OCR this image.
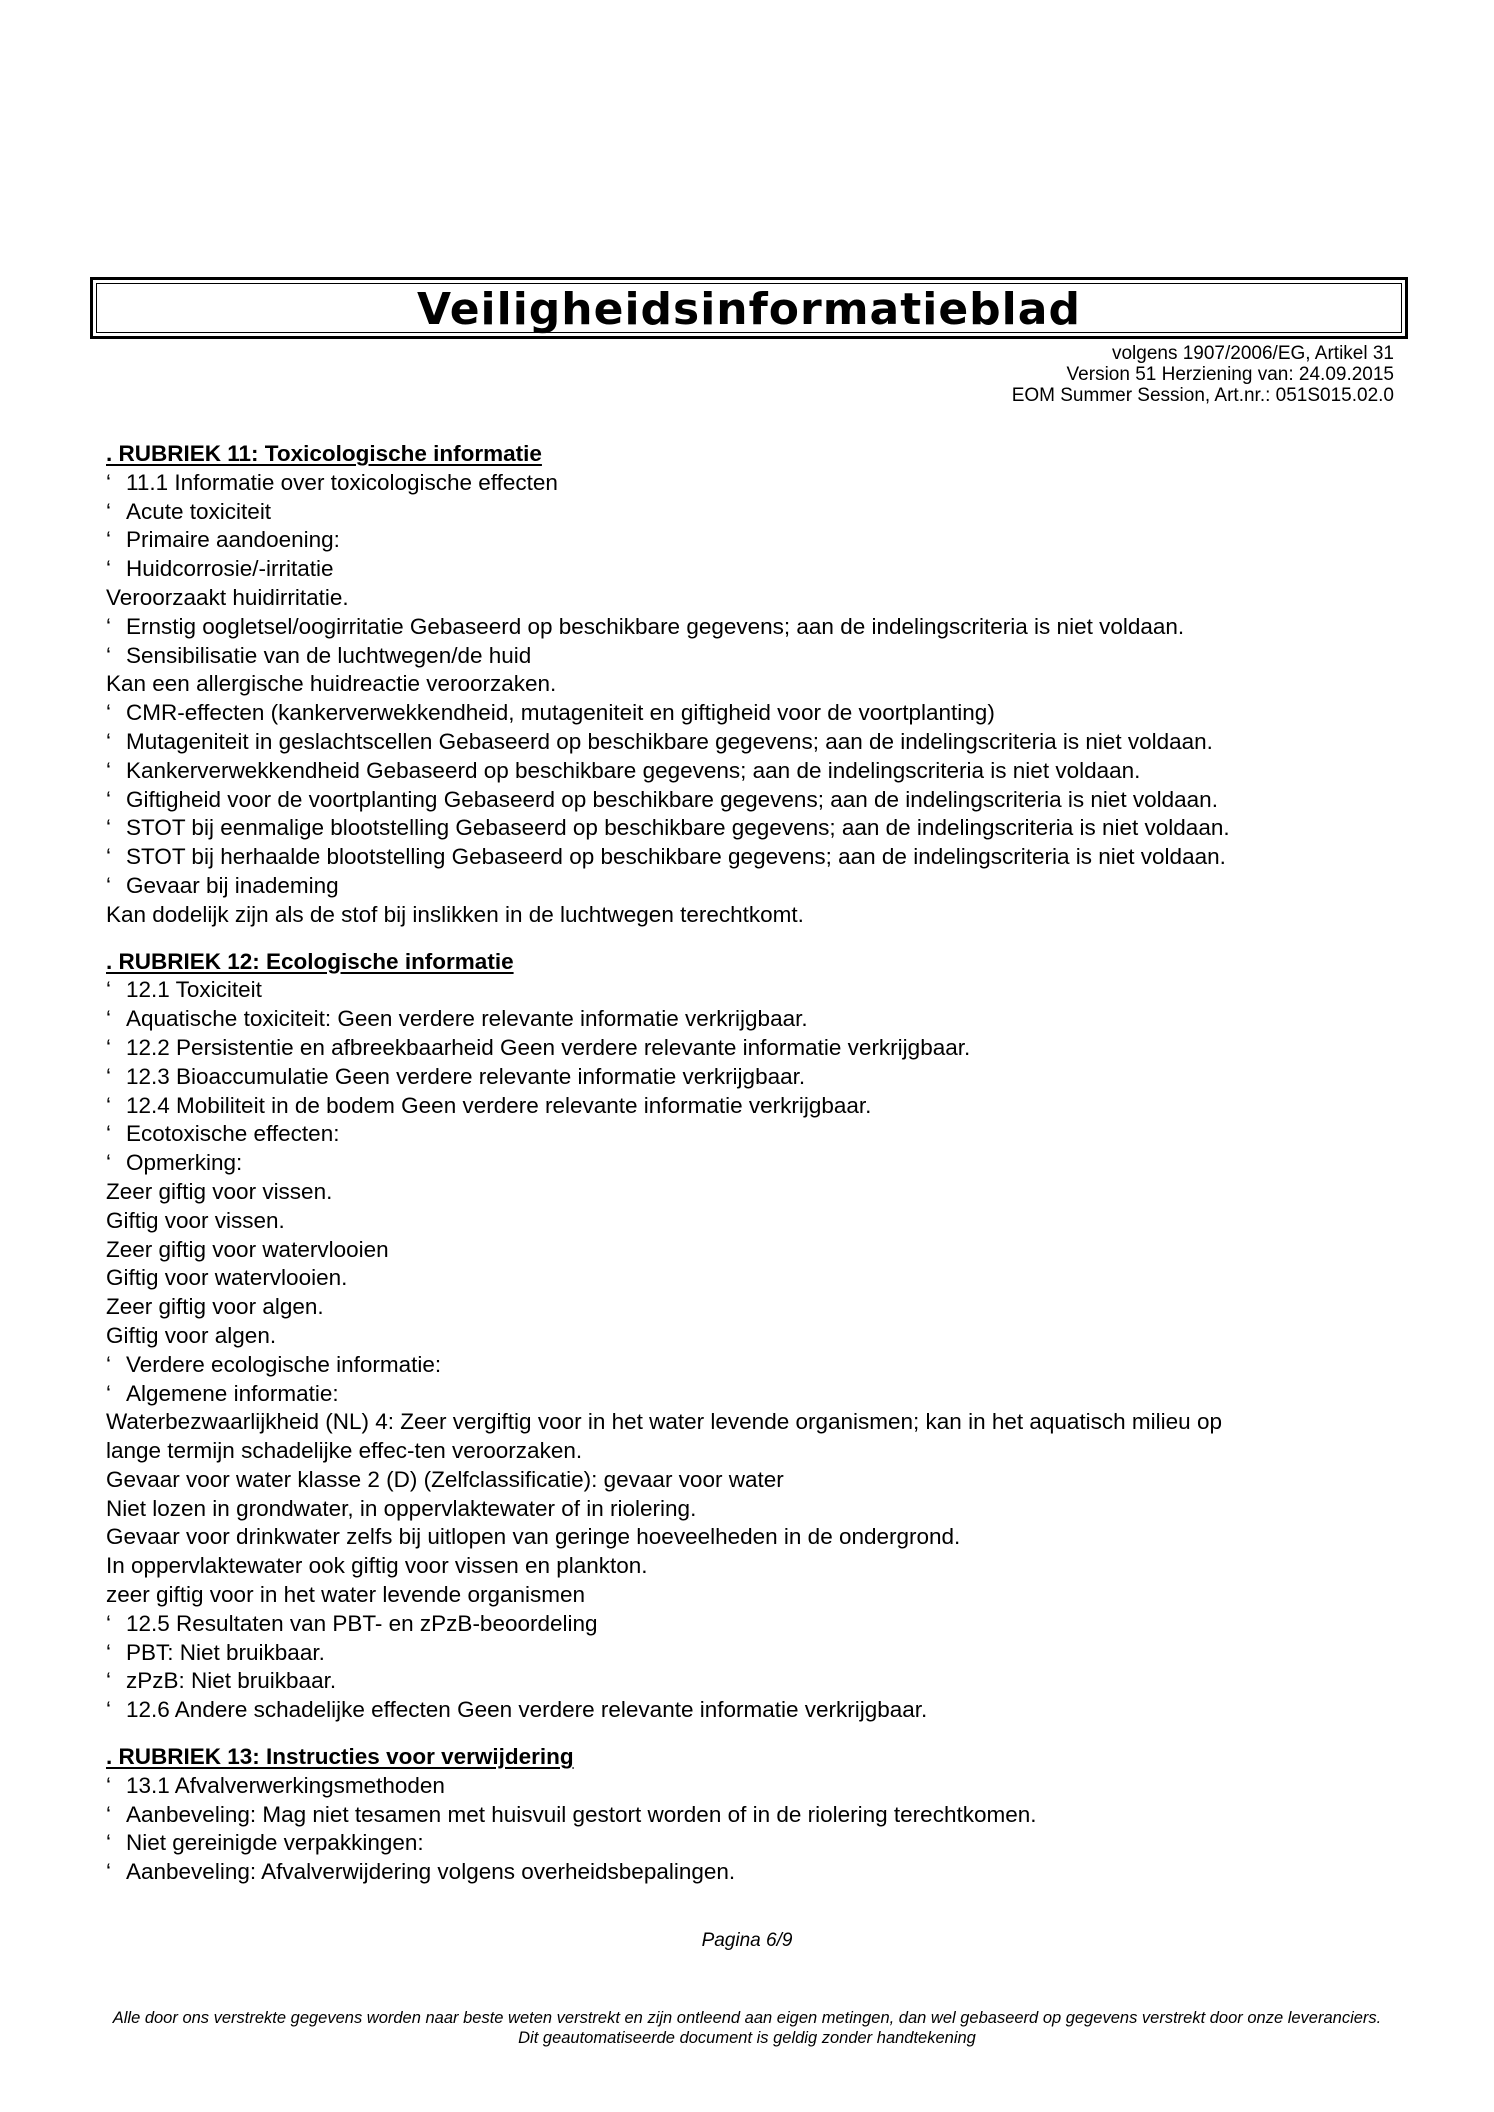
Veiligheidsinformatieblad
volgens 1907/2006/EG, Artikel 31
Version 51 Herziening van: 24.09.2015
EOM Summer Session, Art.nr.: 051S015.02.0
. RUBRIEK 11: Toxicologische informatie
‘ 11.1 Informatie over toxicologische effecten
‘ Acute toxiciteit
‘ Primaire aandoening:
‘ Huidcorrosie/-irritatie
Veroorzaakt huidirritatie.
‘ Ernstig oogletsel/oogirritatie Gebaseerd op beschikbare gegevens; aan de indelingscriteria is niet voldaan.
‘ Sensibilisatie van de luchtwegen/de huid
Kan een allergische huidreactie veroorzaken.
‘ CMR-effecten (kankerverwekkendheid, mutageniteit en giftigheid voor de voortplanting)
‘ Mutageniteit in geslachtscellen Gebaseerd op beschikbare gegevens; aan de indelingscriteria is niet voldaan.
‘ Kankerverwekkendheid Gebaseerd op beschikbare gegevens; aan de indelingscriteria is niet voldaan.
‘ Giftigheid voor de voortplanting Gebaseerd op beschikbare gegevens; aan de indelingscriteria is niet voldaan.
‘ STOT bij eenmalige blootstelling Gebaseerd op beschikbare gegevens; aan de indelingscriteria is niet voldaan.
‘ STOT bij herhaalde blootstelling Gebaseerd op beschikbare gegevens; aan de indelingscriteria is niet voldaan.
‘ Gevaar bij inademing
Kan dodelijk zijn als de stof bij inslikken in de luchtwegen terechtkomt.
. RUBRIEK 12: Ecologische informatie
‘ 12.1 Toxiciteit
‘ Aquatische toxiciteit: Geen verdere relevante informatie verkrijgbaar.
‘ 12.2 Persistentie en afbreekbaarheid Geen verdere relevante informatie verkrijgbaar.
‘ 12.3 Bioaccumulatie Geen verdere relevante informatie verkrijgbaar.
‘ 12.4 Mobiliteit in de bodem Geen verdere relevante informatie verkrijgbaar.
‘ Ecotoxische effecten:
‘ Opmerking:
Zeer giftig voor vissen.
Giftig voor vissen.
Zeer giftig voor watervlooien
Giftig voor watervlooien.
Zeer giftig voor algen.
Giftig voor algen.
‘ Verdere ecologische informatie:
‘ Algemene informatie:
Waterbezwaarlijkheid (NL) 4: Zeer vergiftig voor in het water levende organismen; kan in het aquatisch milieu op
lange termijn schadelijke effec-ten veroorzaken.
Gevaar voor water klasse 2 (D) (Zelfclassificatie): gevaar voor water
Niet lozen in grondwater, in oppervlaktewater of in riolering.
Gevaar voor drinkwater zelfs bij uitlopen van geringe hoeveelheden in de ondergrond.
In oppervlaktewater ook giftig voor vissen en plankton.
zeer giftig voor in het water levende organismen
‘ 12.5 Resultaten van PBT- en zPzB-beoordeling
‘ PBT: Niet bruikbaar.
‘ zPzB: Niet bruikbaar.
‘ 12.6 Andere schadelijke effecten Geen verdere relevante informatie verkrijgbaar.
. RUBRIEK 13: Instructies voor verwijdering
‘ 13.1 Afvalverwerkingsmethoden
‘ Aanbeveling: Mag niet tesamen met huisvuil gestort worden of in de riolering terechtkomen.
‘ Niet gereinigde verpakkingen:
‘ Aanbeveling: Afvalverwijdering volgens overheidsbepalingen.
Pagina 6/9
Alle door ons verstrekte gegevens worden naar beste weten verstrekt en zijn ontleend aan eigen metingen, dan wel gebaseerd op gegevens verstrekt door onze leveranciers.
Dit geautomatiseerde document is geldig zonder handtekening
